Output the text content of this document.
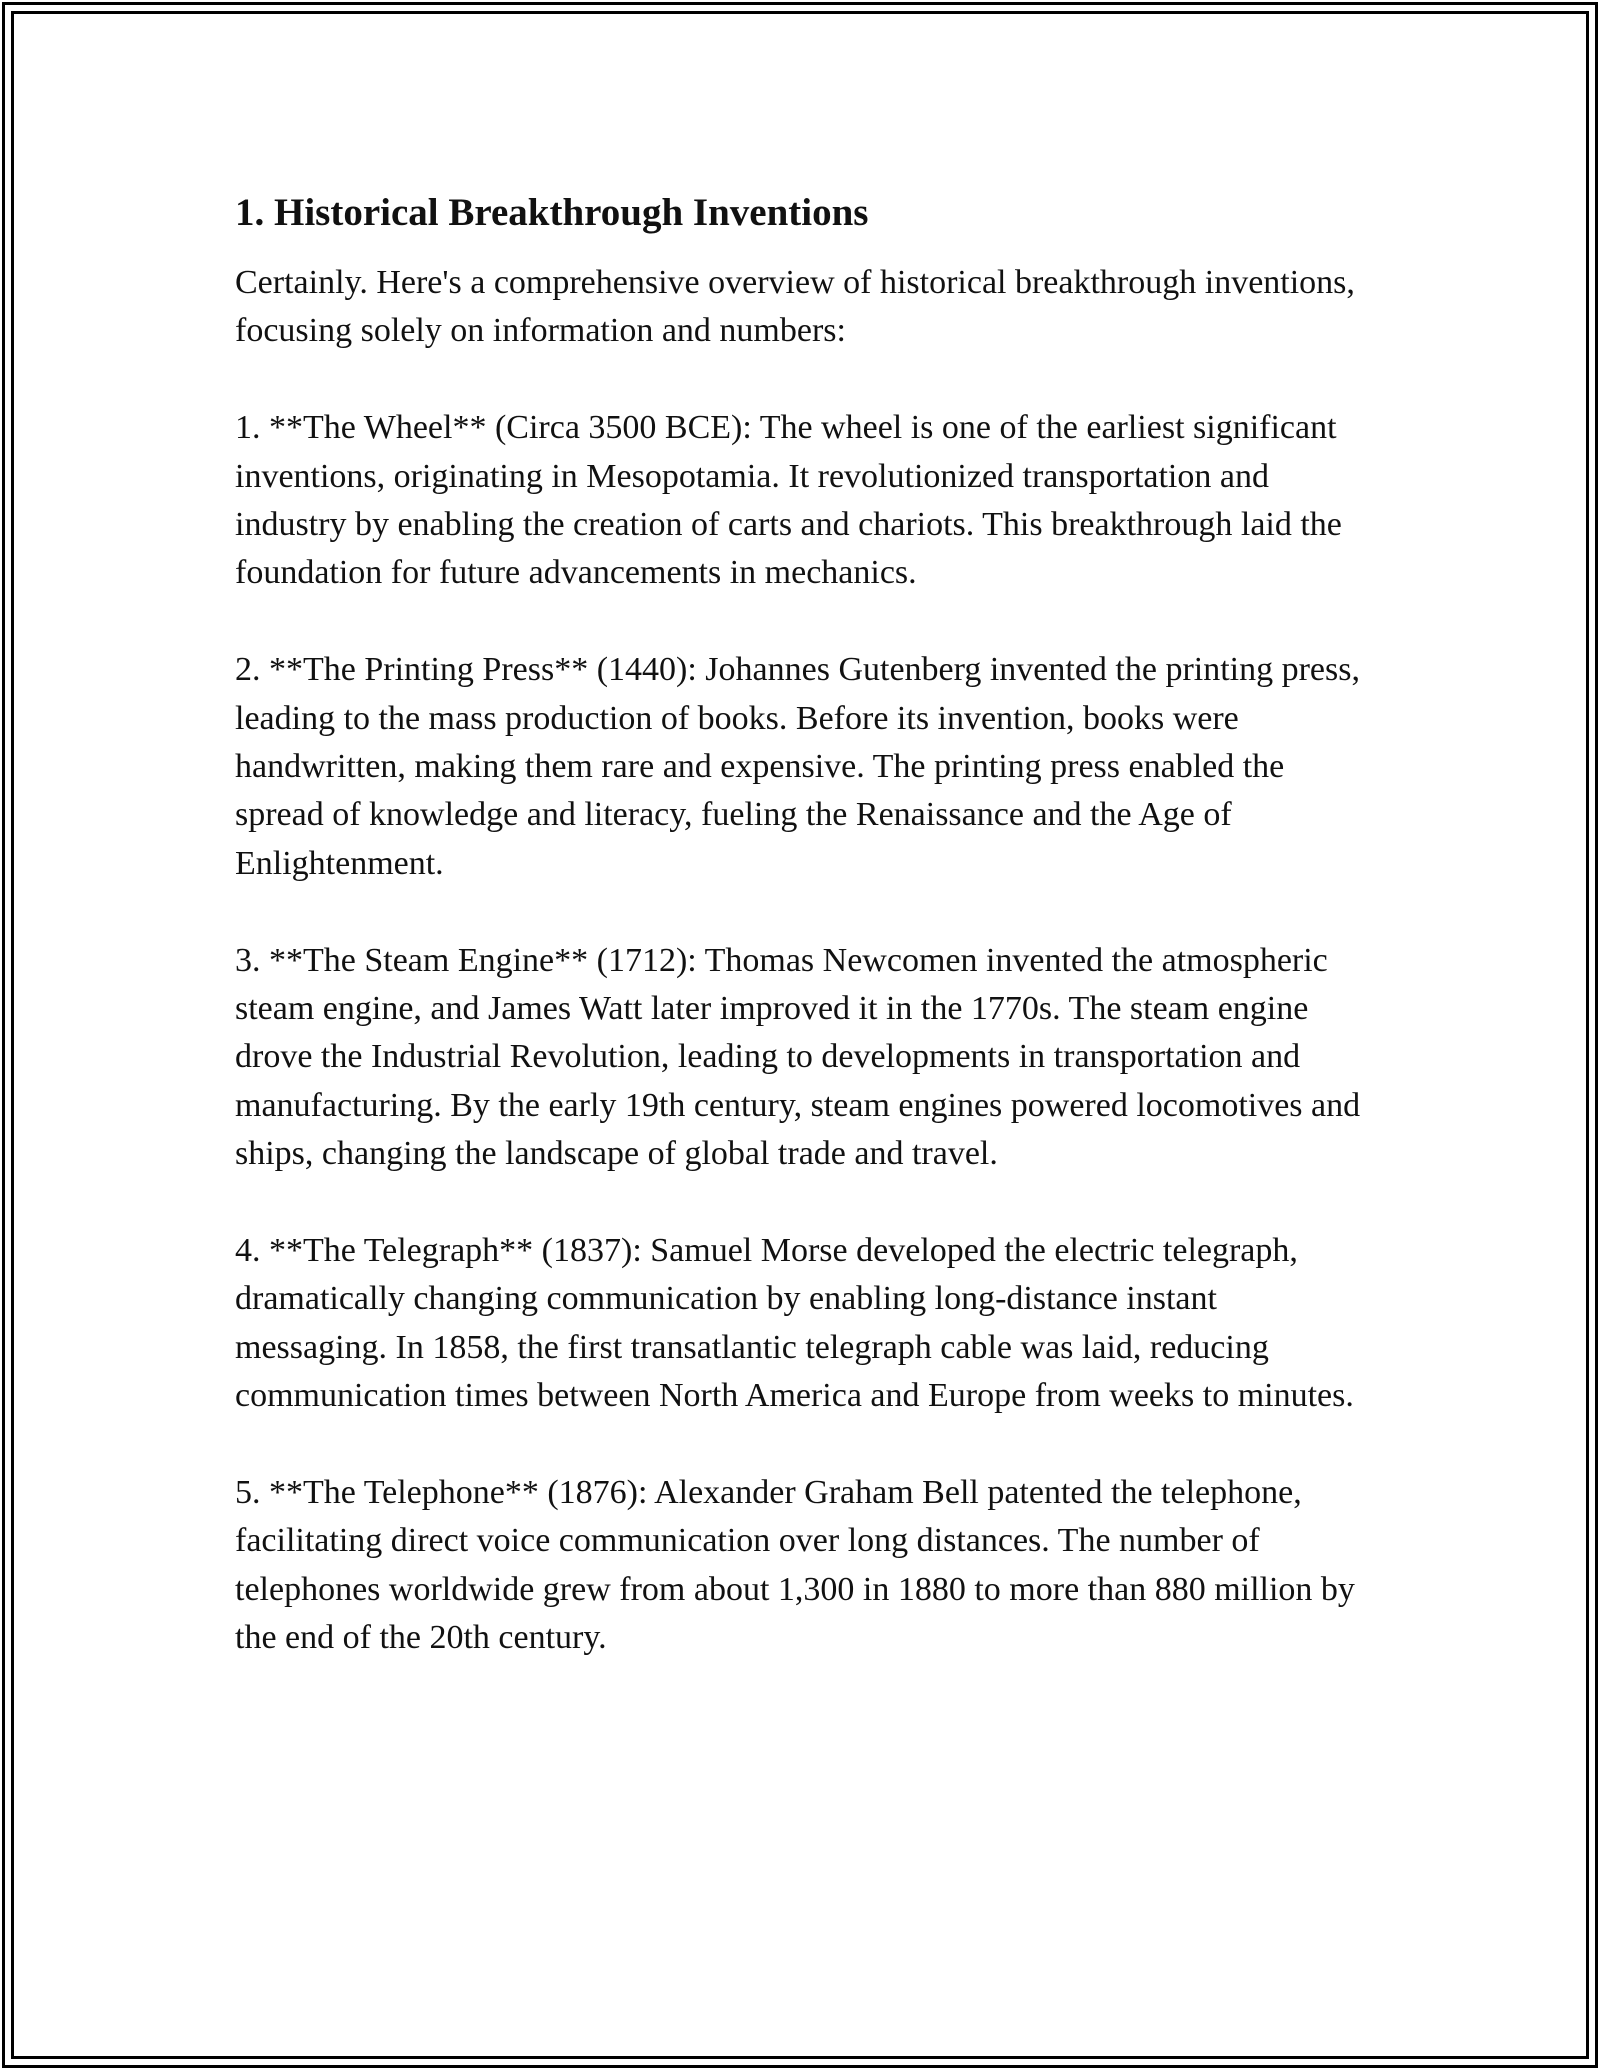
1. Historical Breakthrough Inventions

Certainly. Here's a comprehensive overview of historical breakthrough inventions, focusing solely on information and numbers:

1. **The Wheel** (Circa 3500 BCE): The wheel is one of the earliest significant inventions, originating in Mesopotamia. It revolutionized transportation and industry by enabling the creation of carts and chariots. This breakthrough laid the foundation for future advancements in mechanics.

2. **The Printing Press** (1440): Johannes Gutenberg invented the printing press, leading to the mass production of books. Before its invention, books were handwritten, making them rare and expensive. The printing press enabled the spread of knowledge and literacy, fueling the Renaissance and the Age of Enlightenment.

3. **The Steam Engine** (1712): Thomas Newcomen invented the atmospheric steam engine, and James Watt later improved it in the 1770s. The steam engine drove the Industrial Revolution, leading to developments in transportation and manufacturing. By the early 19th century, steam engines powered locomotives and ships, changing the landscape of global trade and travel.

4. **The Telegraph** (1837): Samuel Morse developed the electric telegraph, dramatically changing communication by enabling long-distance instant messaging. In 1858, the first transatlantic telegraph cable was laid, reducing communication times between North America and Europe from weeks to minutes.

5. **The Telephone** (1876): Alexander Graham Bell patented the telephone, facilitating direct voice communication over long distances. The number of telephones worldwide grew from about 1,300 in 1880 to more than 880 million by the end of the 20th century.
